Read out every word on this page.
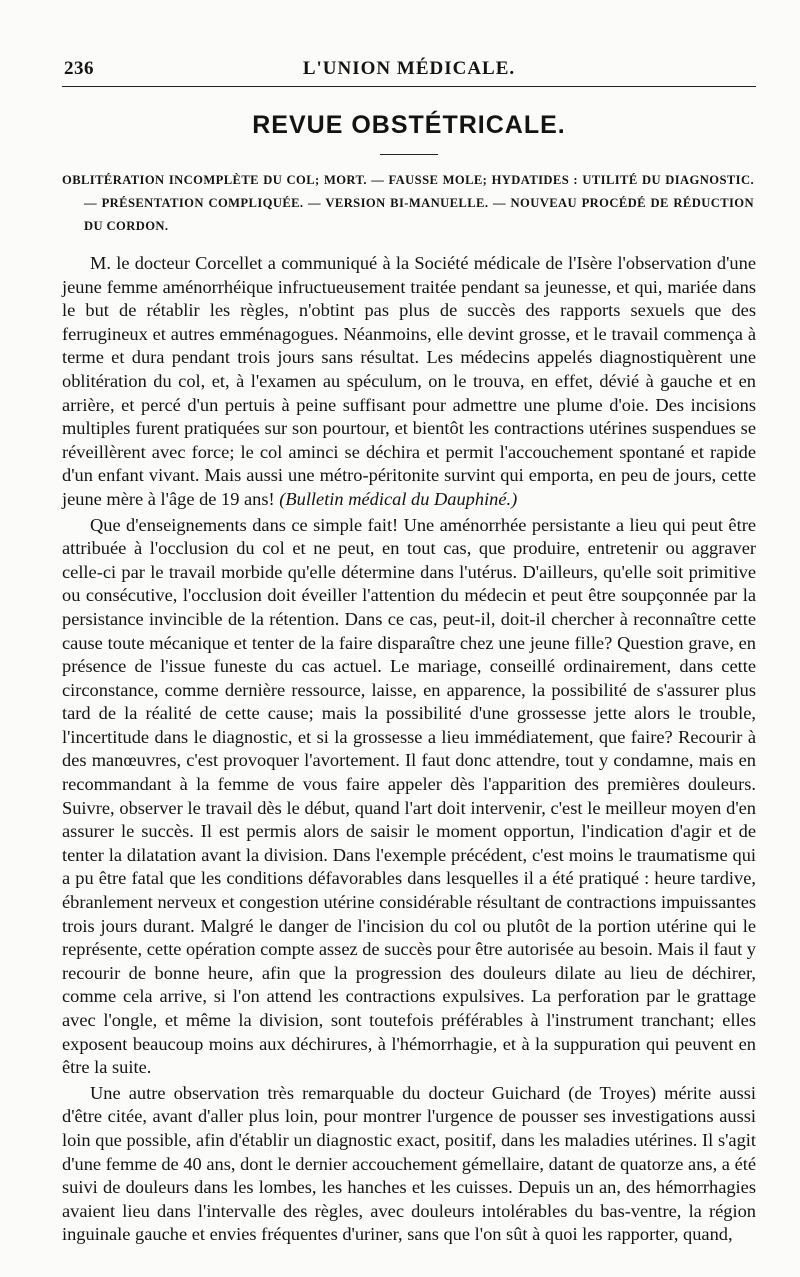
236	L'UNION MÉDICALE.
REVUE OBSTÉTRICALE.
OBLITÉRATION INCOMPLÈTE DU COL; MORT. — FAUSSE MOLE; HYDATIDES : UTILITÉ DU DIAGNOSTIC. — PRÉSENTATION COMPLIQUÉE. — VERSION BI-MANUELLE. — NOUVEAU PROCÉDÉ DE RÉDUCTION DU CORDON.

M. le docteur Corcellet a communiqué à la Société médicale de l'Isère l'observation d'une jeune femme aménorrhéique infructueusement traitée pendant sa jeunesse, et qui, mariée dans le but de rétablir les règles, n'obtint pas plus de succès des rapports sexuels que des ferrugineux et autres emménagogues. Néanmoins, elle devint grosse, et le travail commença à terme et dura pendant trois jours sans résultat. Les médecins appelés diagnostiquèrent une oblitération du col, et, à l'examen au spéculum, on le trouva, en effet, dévié à gauche et en arrière, et percé d'un pertuis à peine suffisant pour admettre une plume d'oie. Des incisions multiples furent pratiquées sur son pourtour, et bientôt les contractions utérines suspendues se réveillèrent avec force; le col aminci se déchira et permit l'accouchement spontané et rapide d'un enfant vivant. Mais aussi une métro-péritonite survint qui emporta, en peu de jours, cette jeune mère à l'âge de 19 ans! (Bulletin médical du Dauphiné.)

Que d'enseignements dans ce simple fait! Une aménorrhée persistante a lieu qui peut être attribuée à l'occlusion du col et ne peut, en tout cas, que produire, entretenir ou aggraver celle-ci par le travail morbide qu'elle détermine dans l'utérus. D'ailleurs, qu'elle soit primitive ou consécutive, l'occlusion doit éveiller l'attention du médecin et peut être soupçonnée par la persistance invincible de la rétention. Dans ce cas, peut-il, doit-il chercher à reconnaître cette cause toute mécanique et tenter de la faire disparaître chez une jeune fille? Question grave, en présence de l'issue funeste du cas actuel. Le mariage, conseillé ordinairement, dans cette circonstance, comme dernière ressource, laisse, en apparence, la possibilité de s'assurer plus tard de la réalité de cette cause; mais la possibilité d'une grossesse jette alors le trouble, l'incertitude dans le diagnostic, et si la grossesse a lieu immédiatement, que faire? Recourir à des manœuvres, c'est provoquer l'avortement. Il faut donc attendre, tout y condamne, mais en recommandant à la femme de vous faire appeler dès l'apparition des premières douleurs. Suivre, observer le travail dès le début, quand l'art doit intervenir, c'est le meilleur moyen d'en assurer le succès. Il est permis alors de saisir le moment opportun, l'indication d'agir et de tenter la dilatation avant la division. Dans l'exemple précédent, c'est moins le traumatisme qui a pu être fatal que les conditions défavorables dans lesquelles il a été pratiqué : heure tardive, ébranlement nerveux et congestion utérine considérable résultant de contractions impuissantes trois jours durant. Malgré le danger de l'incision du col ou plutôt de la portion utérine qui le représente, cette opération compte assez de succès pour être autorisée au besoin. Mais il faut y recourir de bonne heure, afin que la progression des douleurs dilate au lieu de déchirer, comme cela arrive, si l'on attend les contractions expulsives. La perforation par le grattage avec l'ongle, et même la division, sont toutefois préférables à l'instrument tranchant; elles exposent beaucoup moins aux déchirures, à l'hémorrhagie, et à la suppuration qui peuvent en être la suite.

Une autre observation très remarquable du docteur Guichard (de Troyes) mérite aussi d'être citée, avant d'aller plus loin, pour montrer l'urgence de pousser ses investigations aussi loin que possible, afin d'établir un diagnostic exact, positif, dans les maladies utérines. Il s'agit d'une femme de 40 ans, dont le dernier accouchement gémellaire, datant de quatorze ans, a été suivi de douleurs dans les lombes, les hanches et les cuisses. Depuis un an, des hémorrhagies avaient lieu dans l'intervalle des règles, avec douleurs intolérables du bas-ventre, la région inguinale gauche et envies fréquentes d'uriner, sans que l'on sût à quoi les rapporter, quand,
